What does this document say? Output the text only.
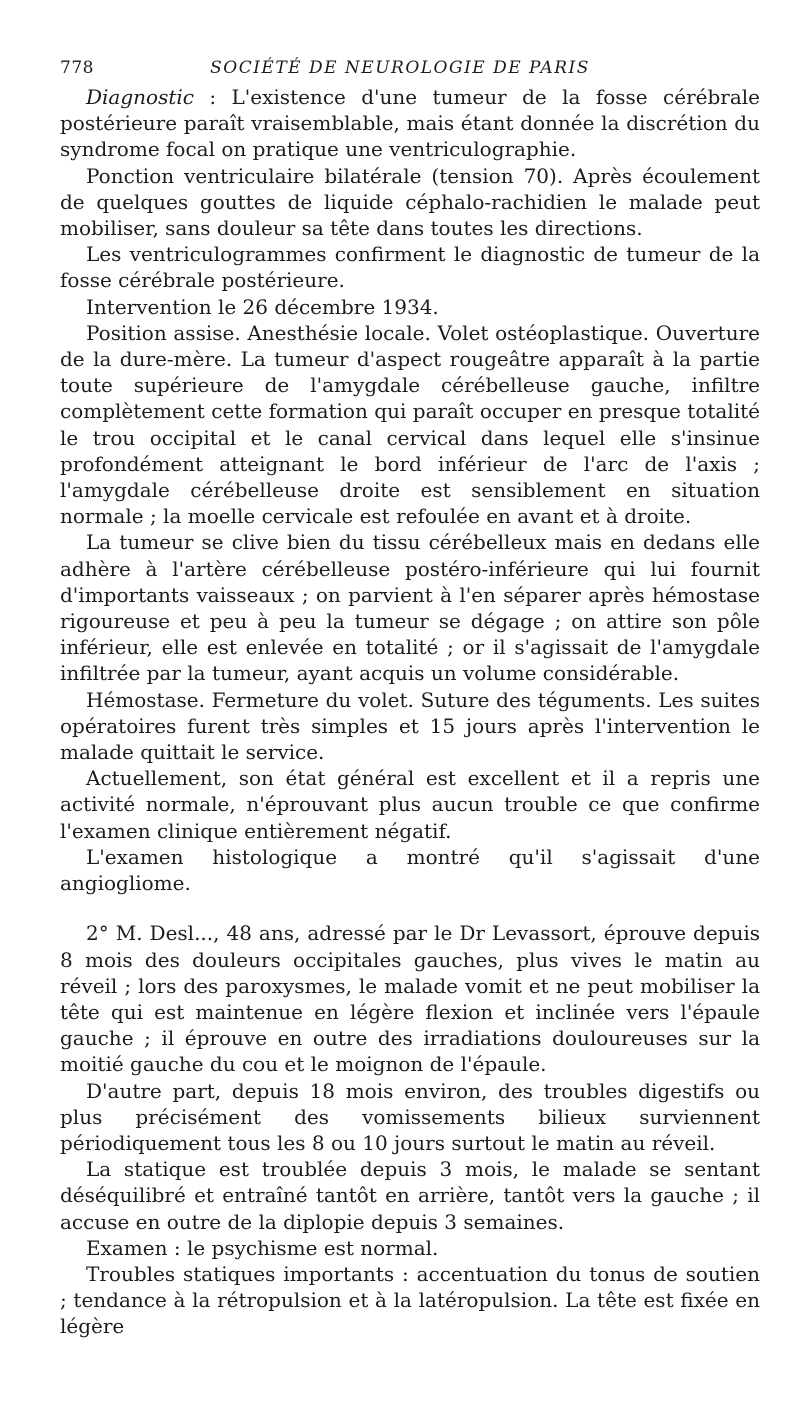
778	SOCIÉTÉ DE NEUROLOGIE DE PARIS

Diagnostic : L'existence d'une tumeur de la fosse cérébrale postérieure paraît vraisemblable, mais étant donnée la discrétion du syndrome focal on pratique une ventriculographie.

Ponction ventriculaire bilatérale (tension 70). Après écoulement de quelques gouttes de liquide céphalo-rachidien le malade peut mobiliser, sans douleur sa tête dans toutes les directions.

Les ventriculogrammes confirment le diagnostic de tumeur de la fosse cérébrale postérieure.

Intervention le 26 décembre 1934.

Position assise. Anesthésie locale. Volet ostéoplastique. Ouverture de la dure-mère. La tumeur d'aspect rougeâtre apparaît à la partie toute supérieure de l'amygdale cérébelleuse gauche, infiltre complètement cette formation qui paraît occuper en presque totalité le trou occipital et le canal cervical dans lequel elle s'insinue profondément atteignant le bord inférieur de l'arc de l'axis ; l'amygdale cérébelleuse droite est sensiblement en situation normale ; la moelle cervicale est refoulée en avant et à droite.

La tumeur se clive bien du tissu cérébelleux mais en dedans elle adhère à l'artère cérébelleuse postéro-inférieure qui lui fournit d'importants vaisseaux ; on parvient à l'en séparer après hémostase rigoureuse et peu à peu la tumeur se dégage ; on attire son pôle inférieur, elle est enlevée en totalité ; or il s'agissait de l'amygdale infiltrée par la tumeur, ayant acquis un volume considérable.

Hémostase. Fermeture du volet. Suture des téguments. Les suites opératoires furent très simples et 15 jours après l'intervention le malade quittait le service.

Actuellement, son état général est excellent et il a repris une activité normale, n'éprouvant plus aucun trouble ce que confirme l'examen clinique entièrement négatif.

L'examen histologique a montré qu'il s'agissait d'une angiogliome.

2° M. Desl..., 48 ans, adressé par le Dr Levassort, éprouve depuis 8 mois des douleurs occipitales gauches, plus vives le matin au réveil ; lors des paroxysmes, le malade vomit et ne peut mobiliser la tête qui est maintenue en légère flexion et inclinée vers l'épaule gauche ; il éprouve en outre des irradiations douloureuses sur la moitié gauche du cou et le moignon de l'épaule.

D'autre part, depuis 18 mois environ, des troubles digestifs ou plus précisément des vomissements bilieux surviennent périodiquement tous les 8 ou 10 jours surtout le matin au réveil.

La statique est troublée depuis 3 mois, le malade se sentant déséquilibré et entraîné tantôt en arrière, tantôt vers la gauche ; il accuse en outre de la diplopie depuis 3 semaines.

Examen : le psychisme est normal.

Troubles statiques importants : accentuation du tonus de soutien ; tendance à la rétropulsion et à la latéropulsion. La tête est fixée en légère
